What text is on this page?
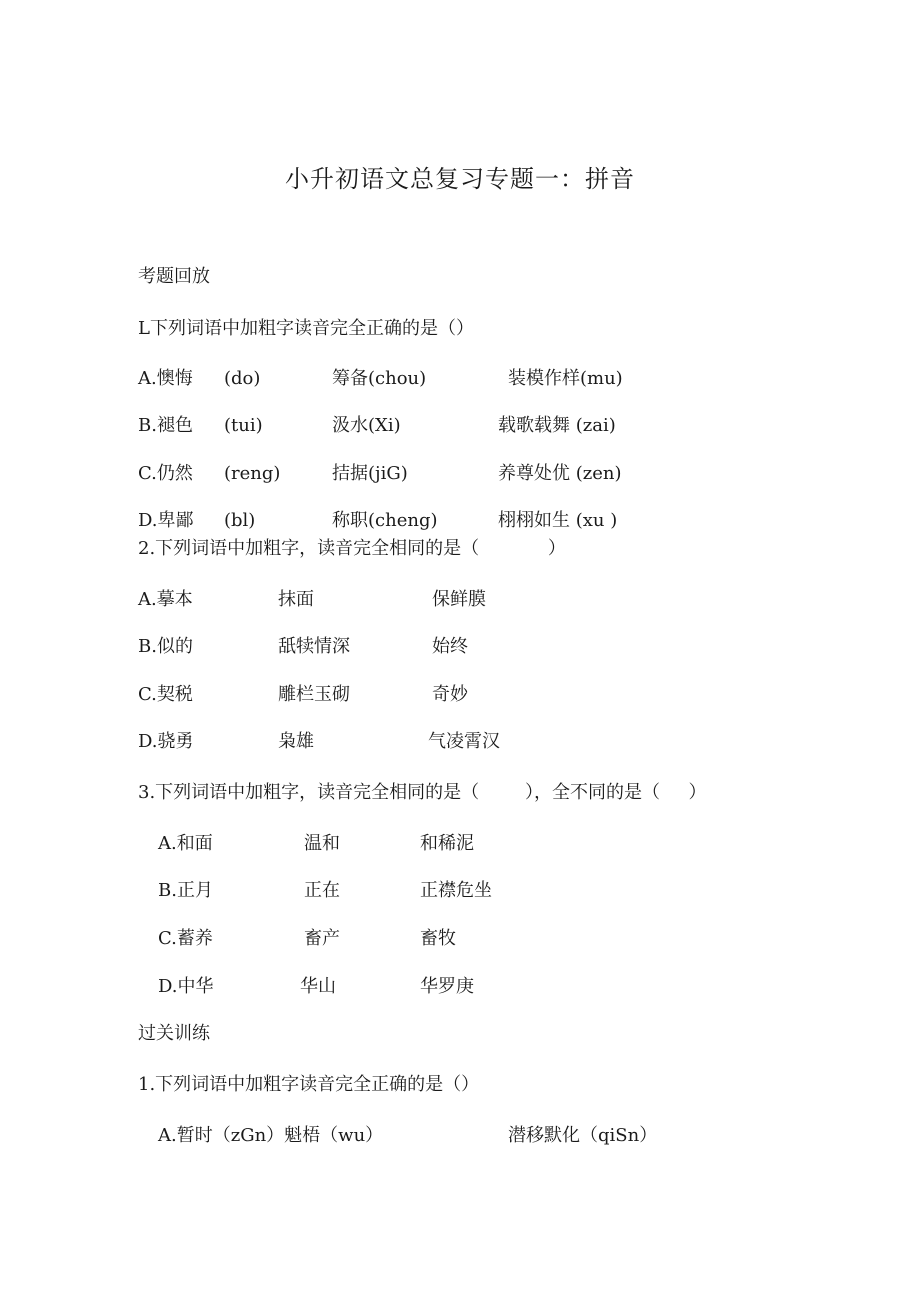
小升初语文总复习专题一：拼音
考题回放
L下列词语中加粗字读音完全正确的是（）
A.懊悔 (do)	筹备(chou)	装模作样(mu)
B.褪色 (tui)	汲水(Xi)	载歌载舞 (zai)
C.仍然 (reng)	拮据(jiG)	养尊处优 (zen)
D.卑鄙 (bl)	称职(cheng)	栩栩如生 (xu )
2.下列词语中加粗字，读音完全相同的是（            ）
A.摹本	抹面	保鲜膜
B.似的	舐犊情深	始终
C.契税	雕栏玉砌	奇妙
D.骁勇	枭雄	气凌霄汉
3.下列词语中加粗字，读音完全相同的是（        ），全不同的是（     ）
A.和面	温和	和稀泥
B.正月	正在	正襟危坐
C.蓄养	畜产	畜牧
D.中华	华山	华罗庚
过关训练
1.下列词语中加粗字读音完全正确的是（）
A.暂时（zGn）魁梧（wu）	潜移默化（qiSn）
